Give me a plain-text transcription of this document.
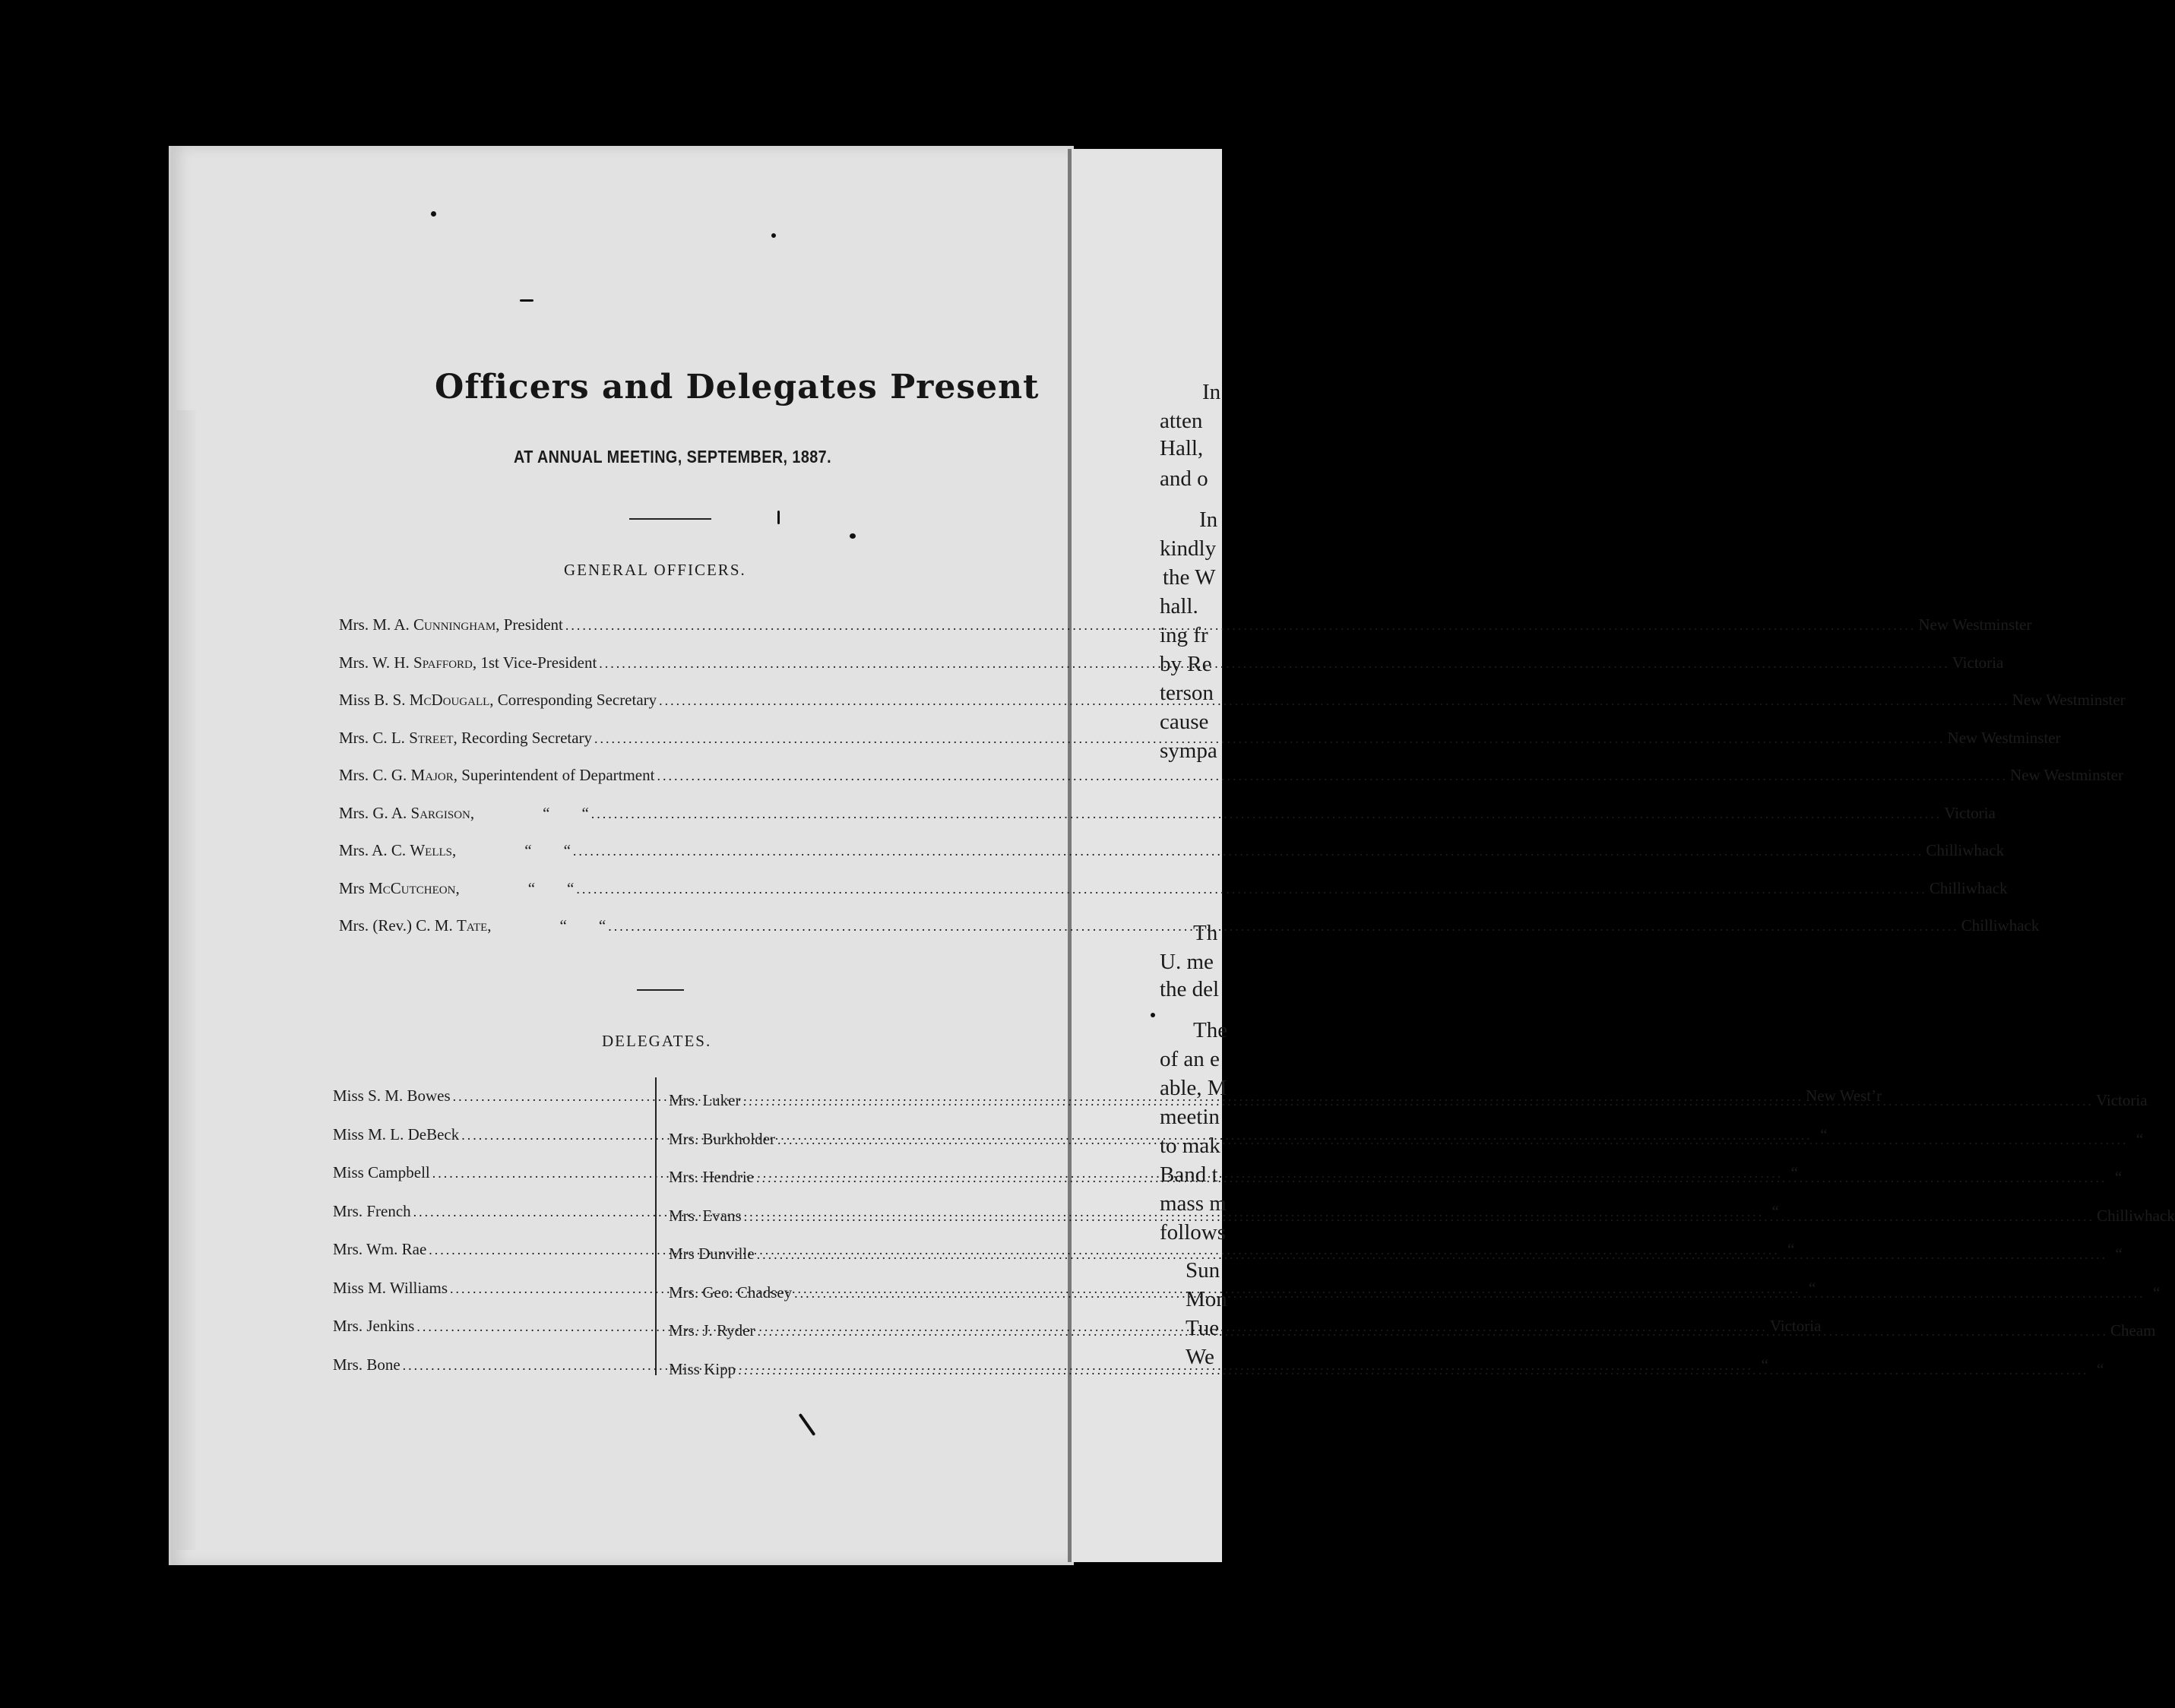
Officers and Delegates Present
AT ANNUAL MEETING, SEPTEMBER, 1887.
GENERAL OFFICERS.
Mrs. M. A. Cunningham, President .....	New Westminster
Mrs. W. H. Spafford, 1st Vice-President .....	Victoria
Miss B. S. McDougall, Corresponding Secretary .....	New Westminster
Mrs. C. L. Street, Recording Secretary .....	New Westminster
Mrs. C. G. Major, Superintendent of Department .....	New Westminster
Mrs. G. A. Sargison,	“        “ .....	Victoria
Mrs. A. C. Wells,	“        “ .....	Chilliwhack
Mrs McCutcheon,	“        “ .....	Chilliwhack
Mrs. (Rev.) C. M. Tate,	“        “ .....	Chilliwhack
DELEGATES.
Miss S. M. Bowes .....	New West’r
Miss M. L. DeBeck .....	“
Miss Campbell .....	“
Mrs. French .....	“
Mrs. Wm. Rae .....	“
Miss M. Williams .....	“
Mrs. Jenkins .....	Victoria
Mrs. Bone .....	“
Mrs. Luker .....	Victoria
Mrs. Burkholder .....	“
Mrs. Hendrie .....	“
Mrs. Evans .....	Chilliwhack
Mrs Dunville .....	“
Mrs. Geo. Chadsey .....	“
Mrs. J. Ryder .....	Cheam
Miss Kipp .....	“
In
atten
Hall,
and o
In
kindly
the W
hall.
ing fr
by Re
terson
cause
sympa
Th
U. me
the del
The
of an e
able, M
meetin
to mak
Band t
mass m
follows
Sun
Mon
Tue
We
